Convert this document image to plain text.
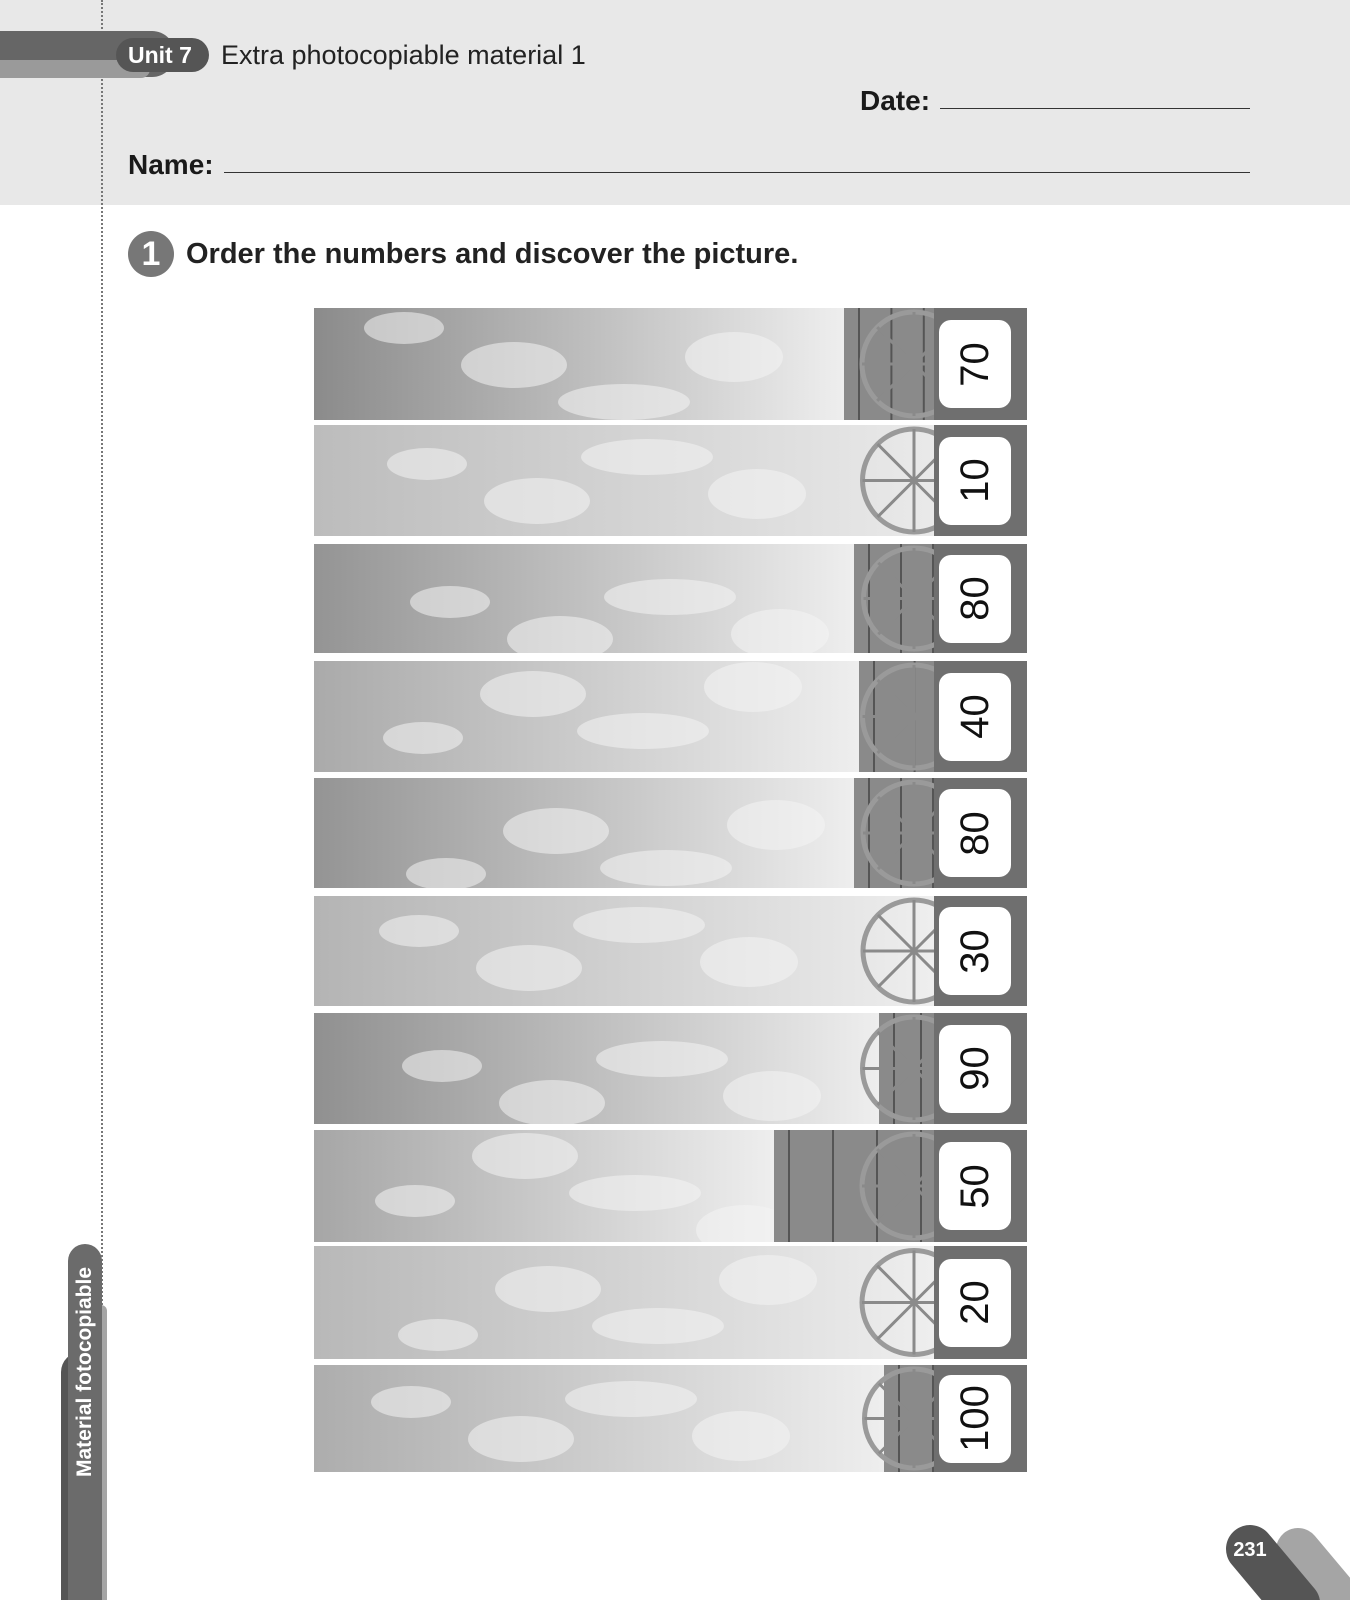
Unit 7	Extra photocopiable material 1
Date:
Name:
1 Order the numbers and discover the picture.
70
10
80
40
80
30
90
50
20
100
Material fotocopiable
231
